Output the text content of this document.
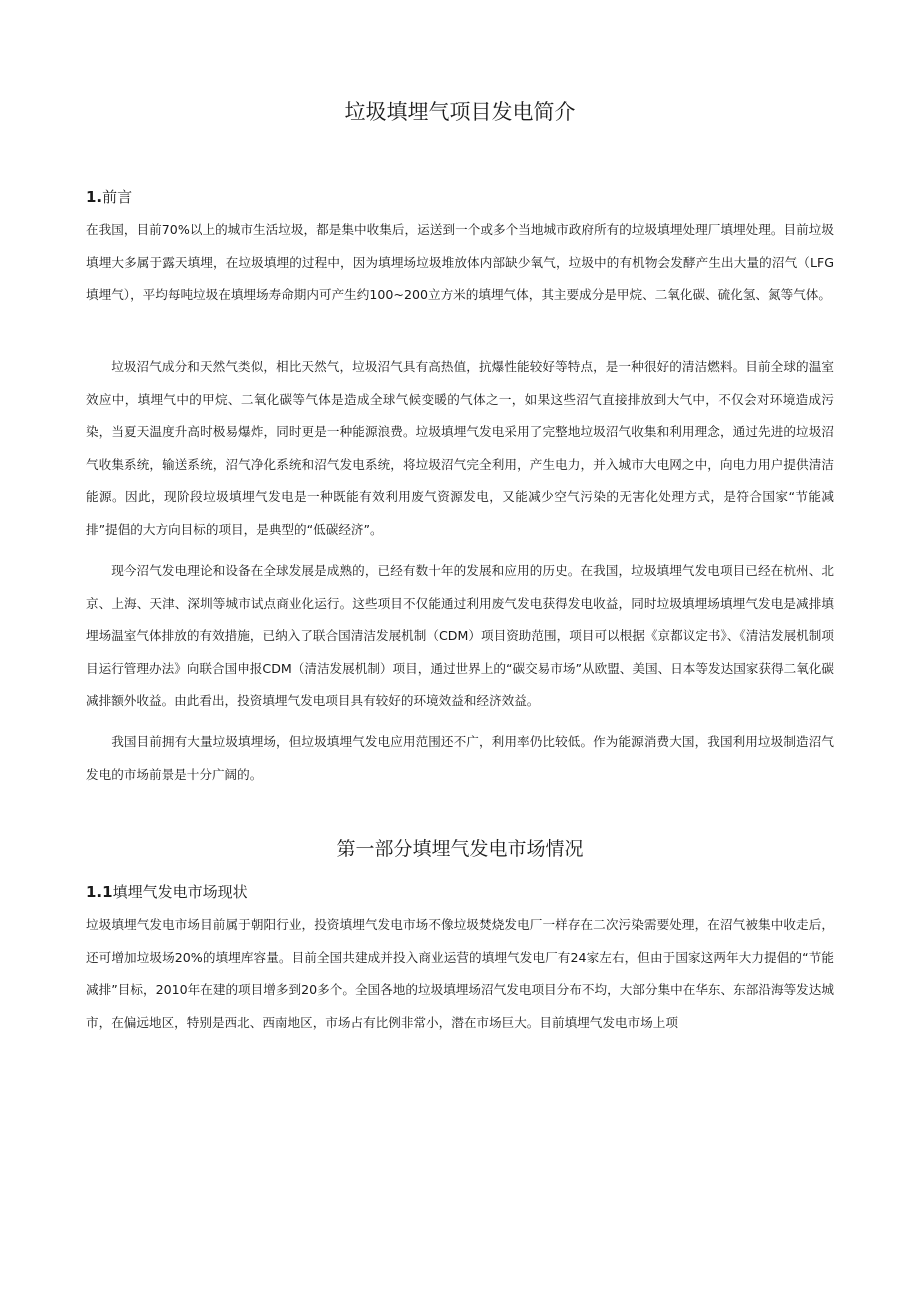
垃圾填埋气项目发电简介
1.前言

在我国，目前70%以上的城市生活垃圾，都是集中收集后，运送到一个或多个当地城市政府所有的垃圾填埋处理厂填埋处理。目前垃圾填埋大多属于露天填埋，在垃圾填埋的过程中，因为填埋场垃圾堆放体内部缺少氧气，垃圾中的有机物会发酵产生出大量的沼气（LFG填埋气），平均每吨垃圾在填埋场寿命期内可产生约100~200立方米的填埋气体，其主要成分是甲烷、二氧化碳、硫化氢、氮等气体。

垃圾沼气成分和天然气类似，相比天然气，垃圾沼气具有高热值，抗爆性能较好等特点，是一种很好的清洁燃料。目前全球的温室效应中，填埋气中的甲烷、二氧化碳等气体是造成全球气候变暖的气体之一，如果这些沼气直接排放到大气中，不仅会对环境造成污染，当夏天温度升高时极易爆炸，同时更是一种能源浪费。垃圾填埋气发电采用了完整地垃圾沼气收集和利用理念，通过先进的垃圾沼气收集系统，输送系统，沼气净化系统和沼气发电系统，将垃圾沼气完全利用，产生电力，并入城市大电网之中，向电力用户提供清洁能源。因此，现阶段垃圾填埋气发电是一种既能有效利用废气资源发电，又能减少空气污染的无害化处理方式，是符合国家“节能减排”提倡的大方向目标的项目，是典型的“低碳经济”。

现今沼气发电理论和设备在全球发展是成熟的，已经有数十年的发展和应用的历史。在我国，垃圾填埋气发电项目已经在杭州、北京、上海、天津、深圳等城市试点商业化运行。这些项目不仅能通过利用废气发电获得发电收益，同时垃圾填埋场填埋气发电是减排填埋场温室气体排放的有效措施，已纳入了联合国清洁发展机制（CDM）项目资助范围，项目可以根据《京都议定书》、《清洁发展机制项目运行管理办法》向联合国申报CDM（清洁发展机制）项目，通过世界上的“碳交易市场”从欧盟、美国、日本等发达国家获得二氧化碳减排额外收益。由此看出，投资填埋气发电项目具有较好的环境效益和经济效益。

我国目前拥有大量垃圾填埋场，但垃圾填埋气发电应用范围还不广，利用率仍比较低。作为能源消费大国，我国利用垃圾制造沼气发电的市场前景是十分广阔的。

第一部分填埋气发电市场情况
1.1填埋气发电市场现状

垃圾填埋气发电市场目前属于朝阳行业，投资填埋气发电市场不像垃圾焚烧发电厂一样存在二次污染需要处理，在沼气被集中收走后，还可增加垃圾场20%的填埋库容量。目前全国共建成并投入商业运营的填埋气发电厂有24家左右，但由于国家这两年大力提倡的“节能减排”目标，2010年在建的项目增多到20多个。全国各地的垃圾填埋场沼气发电项目分布不均，大部分集中在华东、东部沿海等发达城市，在偏远地区，特别是西北、西南地区，市场占有比例非常小，潜在市场巨大。目前填埋气发电市场上项
